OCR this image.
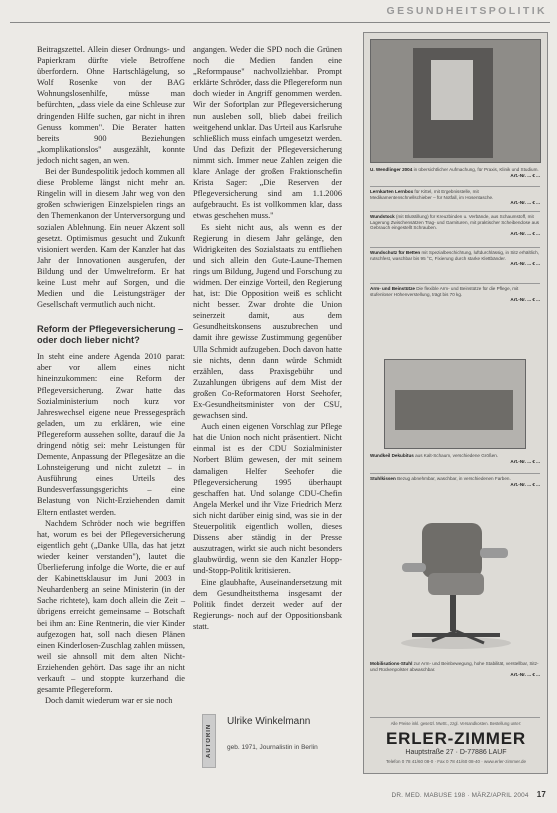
GESUNDHEITSPOLITIK

Beitragszettel. Allein dieser Ordnungs- und Papierkram dürfte viele Betroffene überfordern. Ohne Hartschlägelung, so Wolf Rosenke von der BAG Wohnungslosenhilfe, müsse man befürchten, „dass viele da eine Schleuse zur dringenden Hilfe suchen, gar nicht in ihren Genuss kommen". Die Berater hatten bereits 900 Beziehungen „komplikationslos" ausgezählt, konnte jedoch nicht sagen, an wen.

Bei der Bundespolitik jedoch kommen all diese Probleme längst nicht mehr an. Ringelin will in diesem Jahr weg von den großen schwierigen Einzelspielen rings an den Themenkanon der Unterversorgung und sozialen Ablehnung. Ein neuer Akzent soll gesetzt. Optimismus gesucht und Zukunft visioniert werden. Kam der Kanzler hat das Jahr der Innovationen ausgerufen, der Bildung und der Umweltreform. Er hat keine Lust mehr auf Sorgen, und die Medien und die Leistungsträger der Gesellschaft vermutlich auch nicht.

Reform der Pflegeversicherung – oder doch lieber nicht?

In steht eine andere Agenda 2010 parat: aber vor allem eines nicht hineinzukommen: eine Reform der Pflegeversicherung. Zwar hatte das Sozialministerium noch kurz vor Jahreswechsel eigene neue Pressegespräch geladen, um zu erklären, wie eine Pflegereform aussehen sollte, darauf die Ja dringend nötig sei: mehr Leistungen für Demente, Anpassung der Pflegesätze an die Lohnsteigerung und nicht zuletzt – in Ausführung eines Urteils des Bundesverfassungsgerichts – eine Belastung von Nicht-Erziehenden damit Eltern entlastet werden.

Nachdem Schröder noch wie begriffen hat, worum es bei der Pflegeversicherung eigentlich geht („Danke Ulla, das hat jetzt wieder keiner verstanden"), lautet die Überlieferung infolge die Worte, die er auf der Kabinettsklausur im Juni 2003 in Neuhardenberg an seine Ministerin (in der Sache richtete), kam doch allein die Zeit – übrigens erreicht gemeinsame – Botschaft bei ihm an: Eine Rentnerin, die vier Kinder aufgezogen hat, soll nach diesen Plänen einen Kinderlosen-Zuschlag zahlen müssen, weil sie ahnsoll mit dem alten Nicht-Erziehenden gehört. Das sage ihr an nicht verkauft – und stoppte kurzerhand die gesamte Pflegereform.

Doch damit wiederum war er sie noch

angangen. Weder die SPD noch die Grünen noch die Medien fanden eine „Reformpause" nachvollziehbar. Prompt erklärte Schröder, dass die Pflegereform nun doch wieder in Angriff genommen werden. Wir der Sofortplan zur Pflegeversicherung nun ausleben soll, blieb dabei freilich weitgehend unklar. Das Urteil aus Karlsruhe schließlich muss einfach umgesetzt werden. Und das Defizit der Pflegeversicherung nimmt sich. Immer neue Zahlen zeigen die klare Anlage der großen Fraktionschefin Krista Sager: „Die Reserven der Pflegeversicherung sind am 1.1.2006 aufgebraucht. Es ist vollkommen klar, dass etwas geschehen muss."

Es sieht nicht aus, als wenn es der Regierung in diesem Jahr gelänge, den Widrigkeiten des Sozialstaats zu entfliehen und sich allein den Gute-Laune-Themen rings um Bildung, Jugend und Forschung zu widmen. Der einzige Vorteil, den Regierung hat, ist: Die Opposition weiß es schlicht nicht besser. Zwar drohte die Union seinerzeit damit, aus dem Gesundheitskonsens auszubrechen und damit ihre gewisse Zustimmung gegenüber Ulla Schmidt aufzugeben. Doch davon hatte sie nichts, denn dann würde Schmidt erzählen, dass Praxisgebühr und Zuzahlungen übrigens auf dem Mist der großen Co-Reformatoren Horst Seehofer, Ex-Gesundheitsminister von der CSU, gewachsen sind.

Auch einen eigenen Vorschlag zur Pflege hat die Union noch nicht präsentiert. Nicht einmal ist es der CDU Sozialminister Norbert Blüm gewesen, der mit seinem damaligen Helfer Seehofer die Pflegeversicherung 1995 überhaupt geschaffen hat. Und solange CDU-Chefin Angela Merkel und ihr Vize Friedrich Merz sich nicht darüber einig sind, was sie in der Steuerpolitik eigentlich wollen, dieses Dissens aber ständig in der Presse auszutragen, wirkt sie auch nicht besonders glaubwürdig, wenn sie den Kanzler Hopp-und-Stopp-Politik kritisieren.

Eine glaubhafte, Auseinandersetzung mit dem Gesundheitsthema insgesamt der Politik findet derzeit weder auf der Regierungs- noch auf der Oppositionsbank statt.

AUTORIN
Ulrike Winkelmann
geb. 1971, Journalistin in Berlin
U. Wendlinger 2004 in übersichtlicher Aufmachung, für Praxis, Klinik und Studium.
Art.-Nr. ... € ...
Lernkarten Lernbox für Kittel, mit Ergebnisstelle, mit Medikamentenschnellschieber – für Notfall, im Hosentasche.
Art.-Nr. ... € ...
Wundstock (mit Blutstillung) für Kreuzbinden u. Verbände, aus Schaumstoff, mit Lagerung Zwischensätzen Trag- und Garnituren, mit praktischer Scheibendose aus Gebrauch eingestellt Schrauben.
Art.-Nr. ... € ...
Wundschutz für Betten mit Spezialbeschichtung, luftdurchlässig, in Sitz erhältlich, rutschfest, waschbar bis 95 °C, Fixierung durch starke Klettbänder.
Art.-Nr. ... € ...
Arm- und Beinstütze Die flexible Arm- und Beinstütze für die Pflege, mit stufenloser Höhenverstellung, trägt bis 70 kg.
Art.-Nr. ... € ...
Wundkeil Dekubitus aus Kalt-Schaum, verschiedene Größen.
Art.-Nr. ... € ...
Stuhlkissen Bezug abnehmbar, waschbar, in verschiedenen Farben.
Art.-Nr. ... € ...
Mobilisations-Stuhl zur Arm- und Beinbewegung, hohe Stabilität, verstellbar, Sitz- und Rückenpolster abwaschbar.
Art.-Nr. ... € ...
Alle Preise inkl. gesetzl. MwSt., zzgl. Versandkosten. Bestellung unter:
ERLER-ZIMMER
Hauptstraße 27 · D-77886 LAUF
Telefon 0 78 41/60 08-0 · Fax 0 78 41/60 08-40 · www.erler-zimmer.de
DR. MED. MABUSE 198 · MÄRZ/APRIL 2004 17
